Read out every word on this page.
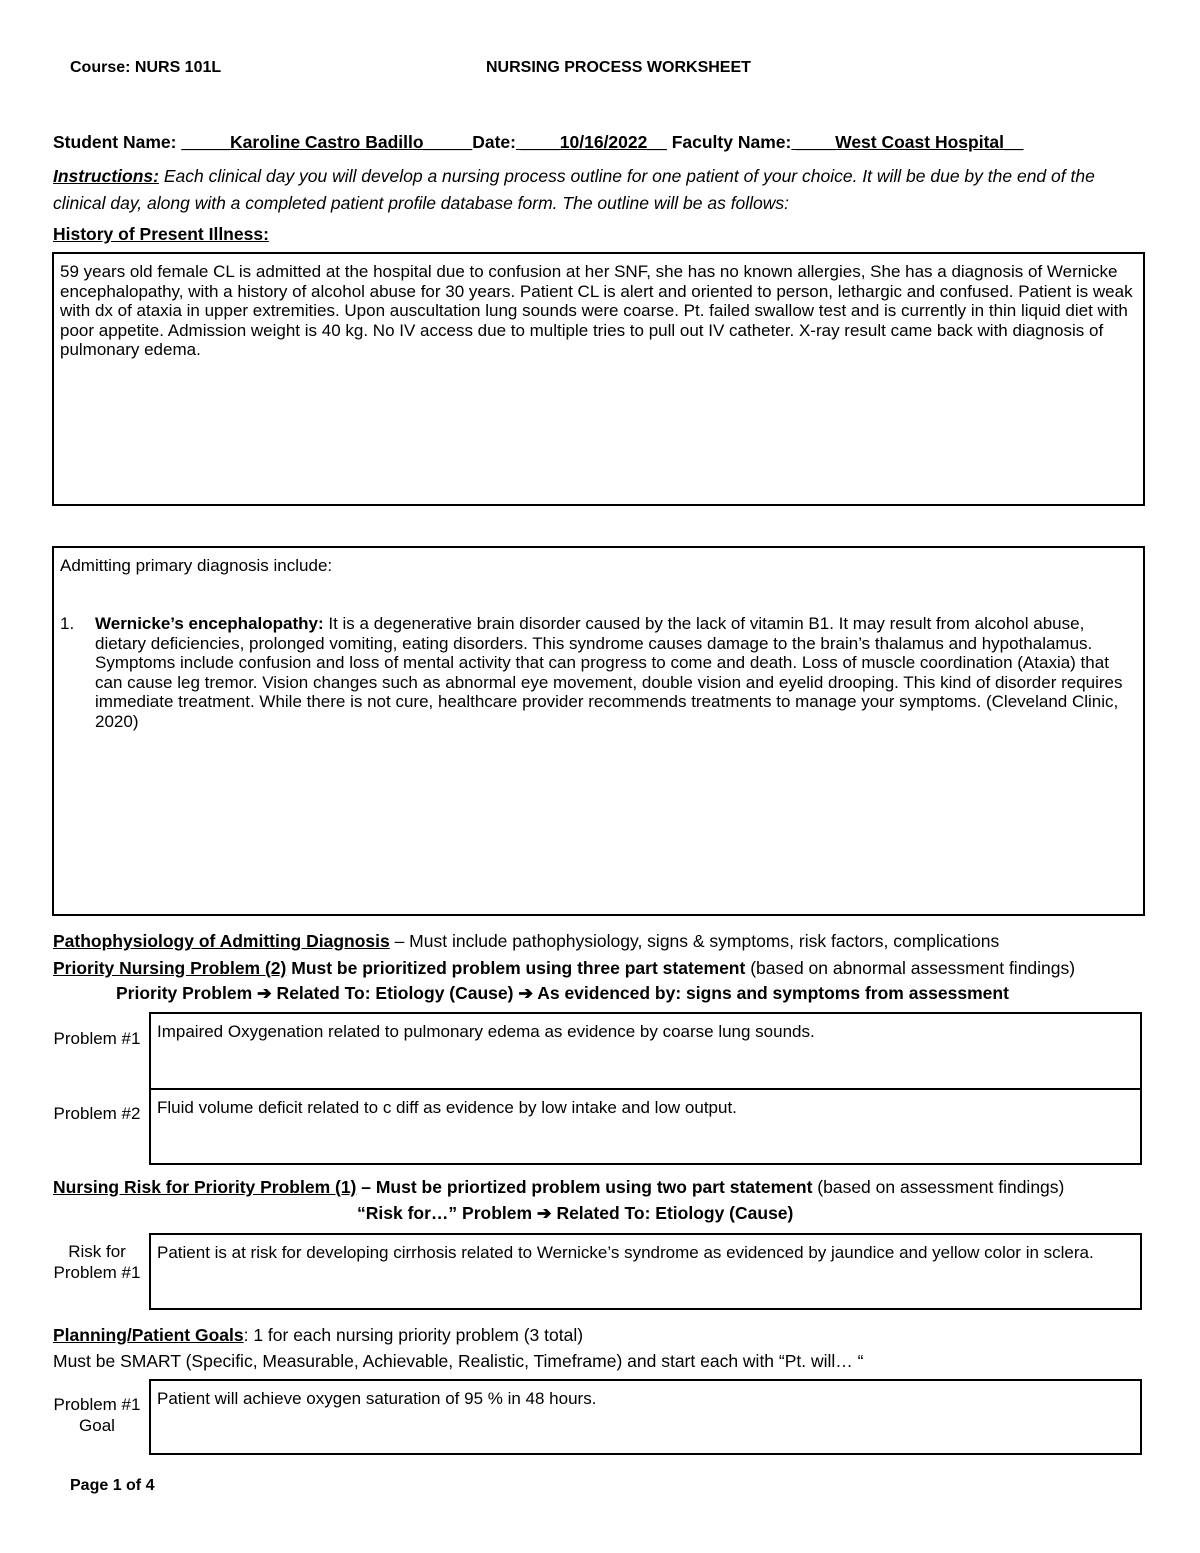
Course: NURS 101L	NURSING PROCESS WORKSHEET
Student Name: _____Karoline Castro Badillo_____Date: ____10/16/2022__ Faculty Name: ____West Coast Hospital__
Instructions: Each clinical day you will develop a nursing process outline for one patient of your choice. It will be due by the end of the clinical day, along with a completed patient profile database form. The outline will be as follows:
History of Present Illness:
59 years old female CL is admitted at the hospital due to confusion at her SNF, she has no known allergies, She has a diagnosis of Wernicke encephalopathy, with a history of alcohol abuse for 30 years. Patient CL is alert and oriented to person, lethargic and confused. Patient is weak with dx of ataxia in upper extremities. Upon auscultation lung sounds were coarse. Pt. failed swallow test and is currently in thin liquid diet with poor appetite. Admission weight is 40 kg. No IV access due to multiple tries to pull out IV catheter. X-ray result came back with diagnosis of pulmonary edema.
Admitting primary diagnosis include:
1. Wernicke’s encephalopathy: It is a degenerative brain disorder caused by the lack of vitamin B1. It may result from alcohol abuse, dietary deficiencies, prolonged vomiting, eating disorders. This syndrome causes damage to the brain’s thalamus and hypothalamus. Symptoms include confusion and loss of mental activity that can progress to come and death. Loss of muscle coordination (Ataxia) that can cause leg tremor. Vision changes such as abnormal eye movement, double vision and eyelid drooping. This kind of disorder requires immediate treatment. While there is not cure, healthcare provider recommends treatments to manage your symptoms. (Cleveland Clinic, 2020)
Pathophysiology of Admitting Diagnosis – Must include pathophysiology, signs & symptoms, risk factors, complications
Priority Nursing Problem (2) Must be prioritized problem using three part statement (based on abnormal assessment findings)
Priority Problem ➔ Related To: Etiology (Cause) ➔ As evidenced by: signs and symptoms from assessment
Problem #1 Impaired Oxygenation related to pulmonary edema as evidence by coarse lung sounds.
Problem #2 Fluid volume deficit related to c diff as evidence by low intake and low output.
Nursing Risk for Priority Problem (1) – Must be priortized problem using two part statement (based on assessment findings)
“Risk for…” Problem ➔ Related To: Etiology (Cause)
Risk for Problem #1
Patient is at risk for developing cirrhosis related to Wernicke’s syndrome as evidenced by jaundice and yellow color in sclera.
Planning/Patient Goals: 1 for each nursing priority problem (3 total)
Must be SMART (Specific, Measurable, Achievable, Realistic, Timeframe) and start each with “Pt. will… “
Problem #1 Goal
Patient will achieve oxygen saturation of 95 % in 48 hours.
Page 1 of 4
